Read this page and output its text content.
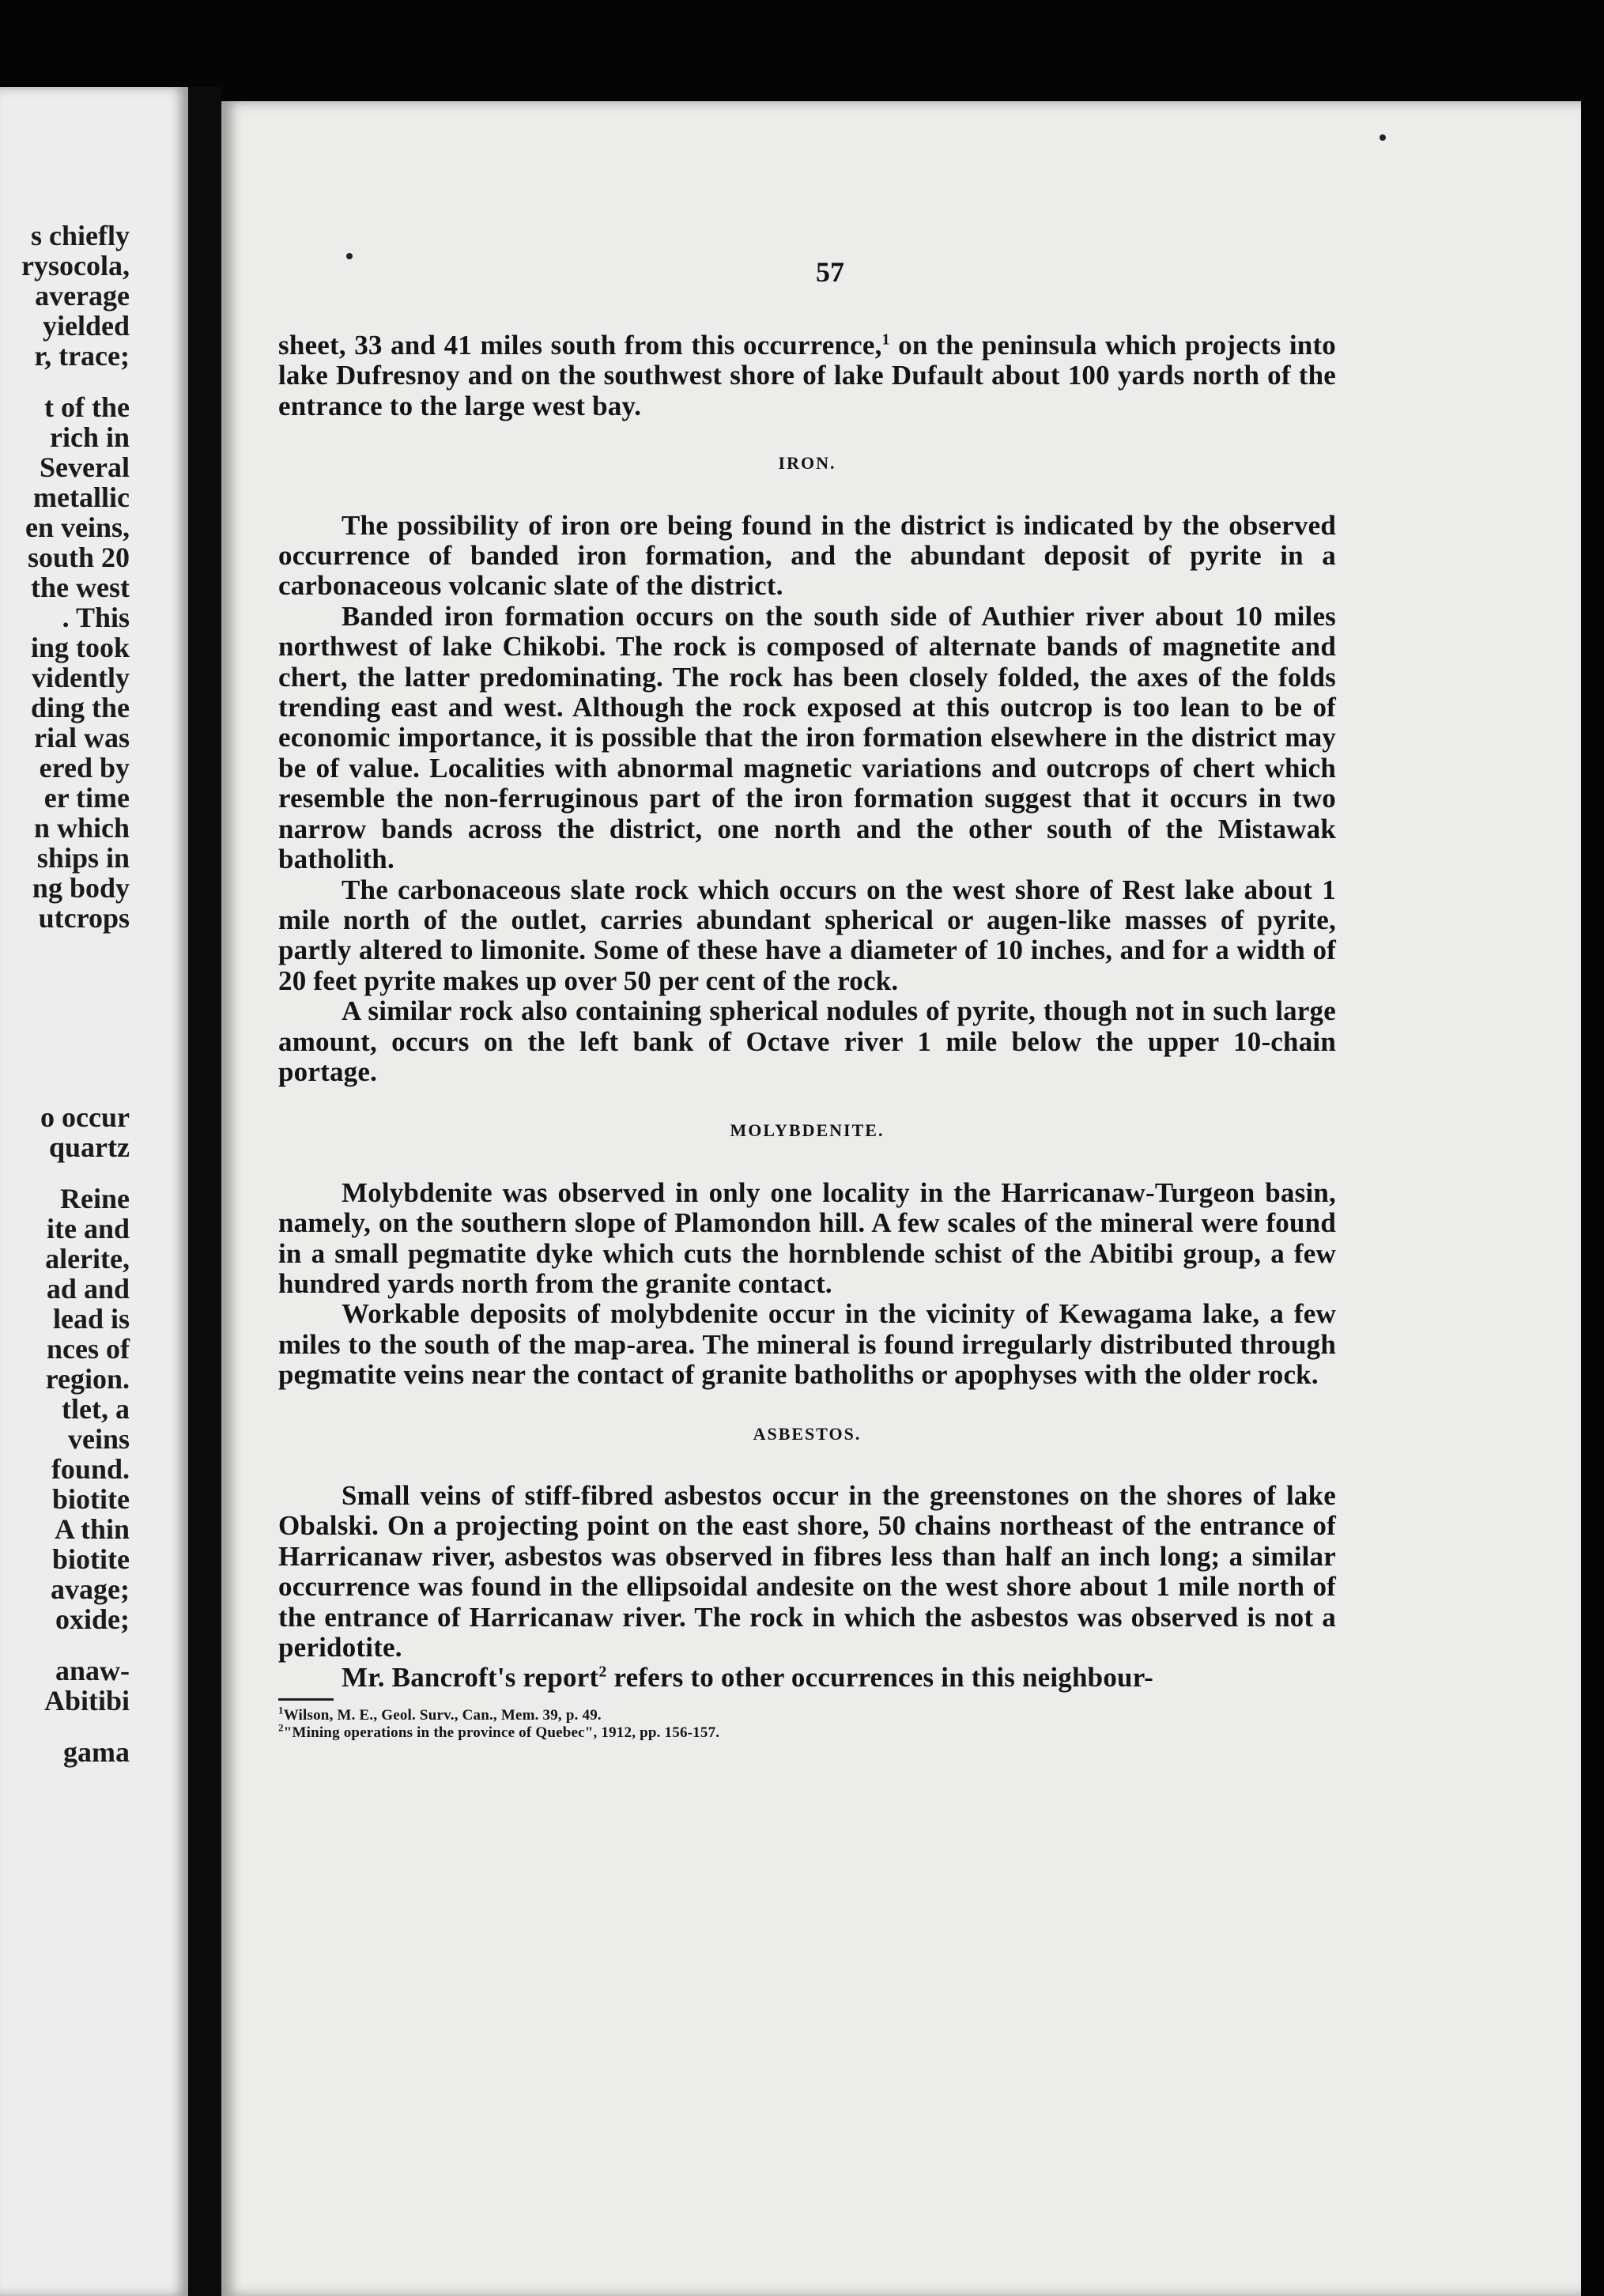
s chiefly
rysocola,
average
yielded
r, trace;
t of the
rich in
Several
metallic
en veins,
south 20
the west
. This
ing took
vidently
ding the
rial was
ered by
er time
n which
ships in
ng body
utcrops
o occur
quartz
Reine
ite and
alerite,
ad and
lead is
nces of
region.
tlet, a
veins
found.
biotite
A thin
biotite
avage;
oxide;
anaw-
Abitibi
gama
57

sheet, 33 and 41 miles south from this occurrence,$^1$ on the peninsula which projects into lake Dufresnoy and on the southwest shore of lake Dufault about 100 yards north of the entrance to the large west bay.

IRON.

The possibility of iron ore being found in the district is indicated by the observed occurrence of banded iron formation, and the abundant deposit of pyrite in a carbonaceous volcanic slate of the district.

Banded iron formation occurs on the south side of Authier river about 10 miles northwest of lake Chikobi. The rock is composed of alternate bands of magnetite and chert, the latter predominating. The rock has been closely folded, the axes of the folds trending east and west. Although the rock exposed at this outcrop is too lean to be of economic importance, it is possible that the iron formation elsewhere in the district may be of value. Localities with abnormal magnetic variations and outcrops of chert which resemble the non-ferruginous part of the iron formation suggest that it occurs in two narrow bands across the district, one north and the other south of the Mistawak batholith.

The carbonaceous slate rock which occurs on the west shore of Rest lake about 1 mile north of the outlet, carries abundant spherical or augen-like masses of pyrite, partly altered to limonite. Some of these have a diameter of 10 inches, and for a width of 20 feet pyrite makes up over 50 per cent of the rock.

A similar rock also containing spherical nodules of pyrite, though not in such large amount, occurs on the left bank of Octave river 1 mile below the upper 10-chain portage.

MOLYBDENITE.

Molybdenite was observed in only one locality in the Harricanaw-Turgeon basin, namely, on the southern slope of Plamondon hill. A few scales of the mineral were found in a small pegmatite dyke which cuts the hornblende schist of the Abitibi group, a few hundred yards north from the granite contact.

Workable deposits of molybdenite occur in the vicinity of Kewagama lake, a few miles to the south of the map-area. The mineral is found irregularly distributed through pegmatite veins near the contact of granite batholiths or apophyses with the older rock.

ASBESTOS.

Small veins of stiff-fibred asbestos occur in the greenstones on the shores of lake Obalski. On a projecting point on the east shore, 50 chains northeast of the entrance of Harricanaw river, asbestos was observed in fibres less than half an inch long; a similar occurrence was found in the ellipsoidal andesite on the west shore about 1 mile north of the entrance of Harricanaw river. The rock in which the asbestos was observed is not a peridotite.

Mr. Bancroft's report$^2$ refers to other occurrences in this neighbour-

$^1$Wilson, M. E., Geol. Surv., Can., Mem. 39, p. 49.
$^2$"Mining operations in the province of Quebec", 1912, pp. 156-157.
